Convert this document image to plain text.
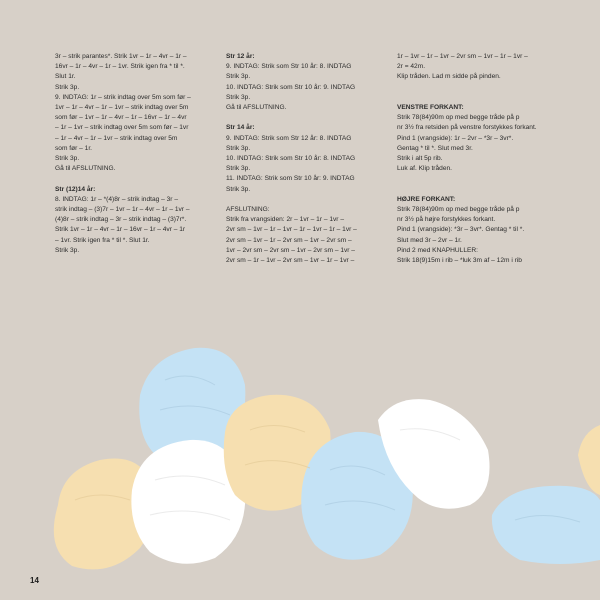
3r – strik parantes*. Strik 1vr – 1r – 4vr – 1r –
16vr – 1r – 4vr – 1r – 1vr. Strik igen fra * til *.
Slut 1r.
Strik 3p.
9. INDTAG: 1r – strik indtag over 5m som før –
1vr – 1r – 4vr – 1r – 1vr – strik indtag over 5m
som før – 1vr – 1r – 4vr – 1r – 16vr – 1r – 4vr
– 1r – 1vr – strik indtag over 5m som før – 1vr
– 1r – 4vr – 1r – 1vr – strik indtag over 5m
som før – 1r.
Strik 3p.
Gå til AFSLUTNING.
Str (12)14 år:
8. INDTAG: 1r – *(4)8r – strik indtag – 3r –
strik indtag – (3)7r – 1vr – 1r – 4vr – 1r – 1vr –
(4)8r – strik indtag – 3r – strik indtag – (3)7r*.
Strik 1vr – 1r – 4vr – 1r – 16vr – 1r – 4vr – 1r
– 1vr. Strik igen fra * til *. Slut 1r.
Strik 3p.
Str 12 år:
9. INDTAG: Strik som Str 10 år: 8. INDTAG
Strik 3p.
10. INDTAG: Strik som Str 10 år: 9. INDTAG
Strik 3p.
Gå til AFSLUTNING.
Str 14 år:
9. INDTAG: Strik som Str 12 år: 8. INDTAG
Strik 3p.
10. INDTAG: Strik som Str 10 år: 8. INDTAG
Strik 3p.
11. INDTAG: Strik som Str 10 år: 9. INDTAG
Strik 3p.
AFSLUTNING:
Strik fra vrangsiden: 2r – 1vr – 1r – 1vr –
2vr sm – 1vr – 1r – 1vr – 1r – 1vr – 1r – 1vr –
2vr sm – 1vr – 1r – 2vr sm – 1vr – 2vr sm –
1vr – 2vr sm – 2vr sm – 1vr – 2vr sm – 1vr –
2vr sm – 1r – 1vr – 2vr sm – 1vr – 1r – 1vr –
1r – 1vr – 1r – 1vr – 2vr sm – 1vr – 1r – 1vr –
2r = 42m.
Klip tråden. Lad m sidde på pinden.
VENSTRE FORKANT:
Strik 78(84)90m op med begge tråde på p
nr 3½ fra retsiden på venstre forstykkes forkant.
Pind 1 (vrangside): 1r – 2vr – *3r – 3vr*.
Gentag * til *. Slut med 3r.
Strik i alt 5p rib.
Luk af. Klip tråden.
HØJRE FORKANT:
Strik 78(84)90m op med begge tråde på p
nr 3½ på højre forstykkes forkant.
Pind 1 (vrangside): *3r – 3vr*. Gentag * til *.
Slut med 3r – 2vr – 1r.
Pind 2 med KNAPHULLER:
Strik 18(9)15m i rib – *luk 3m af – 12m i rib
14
